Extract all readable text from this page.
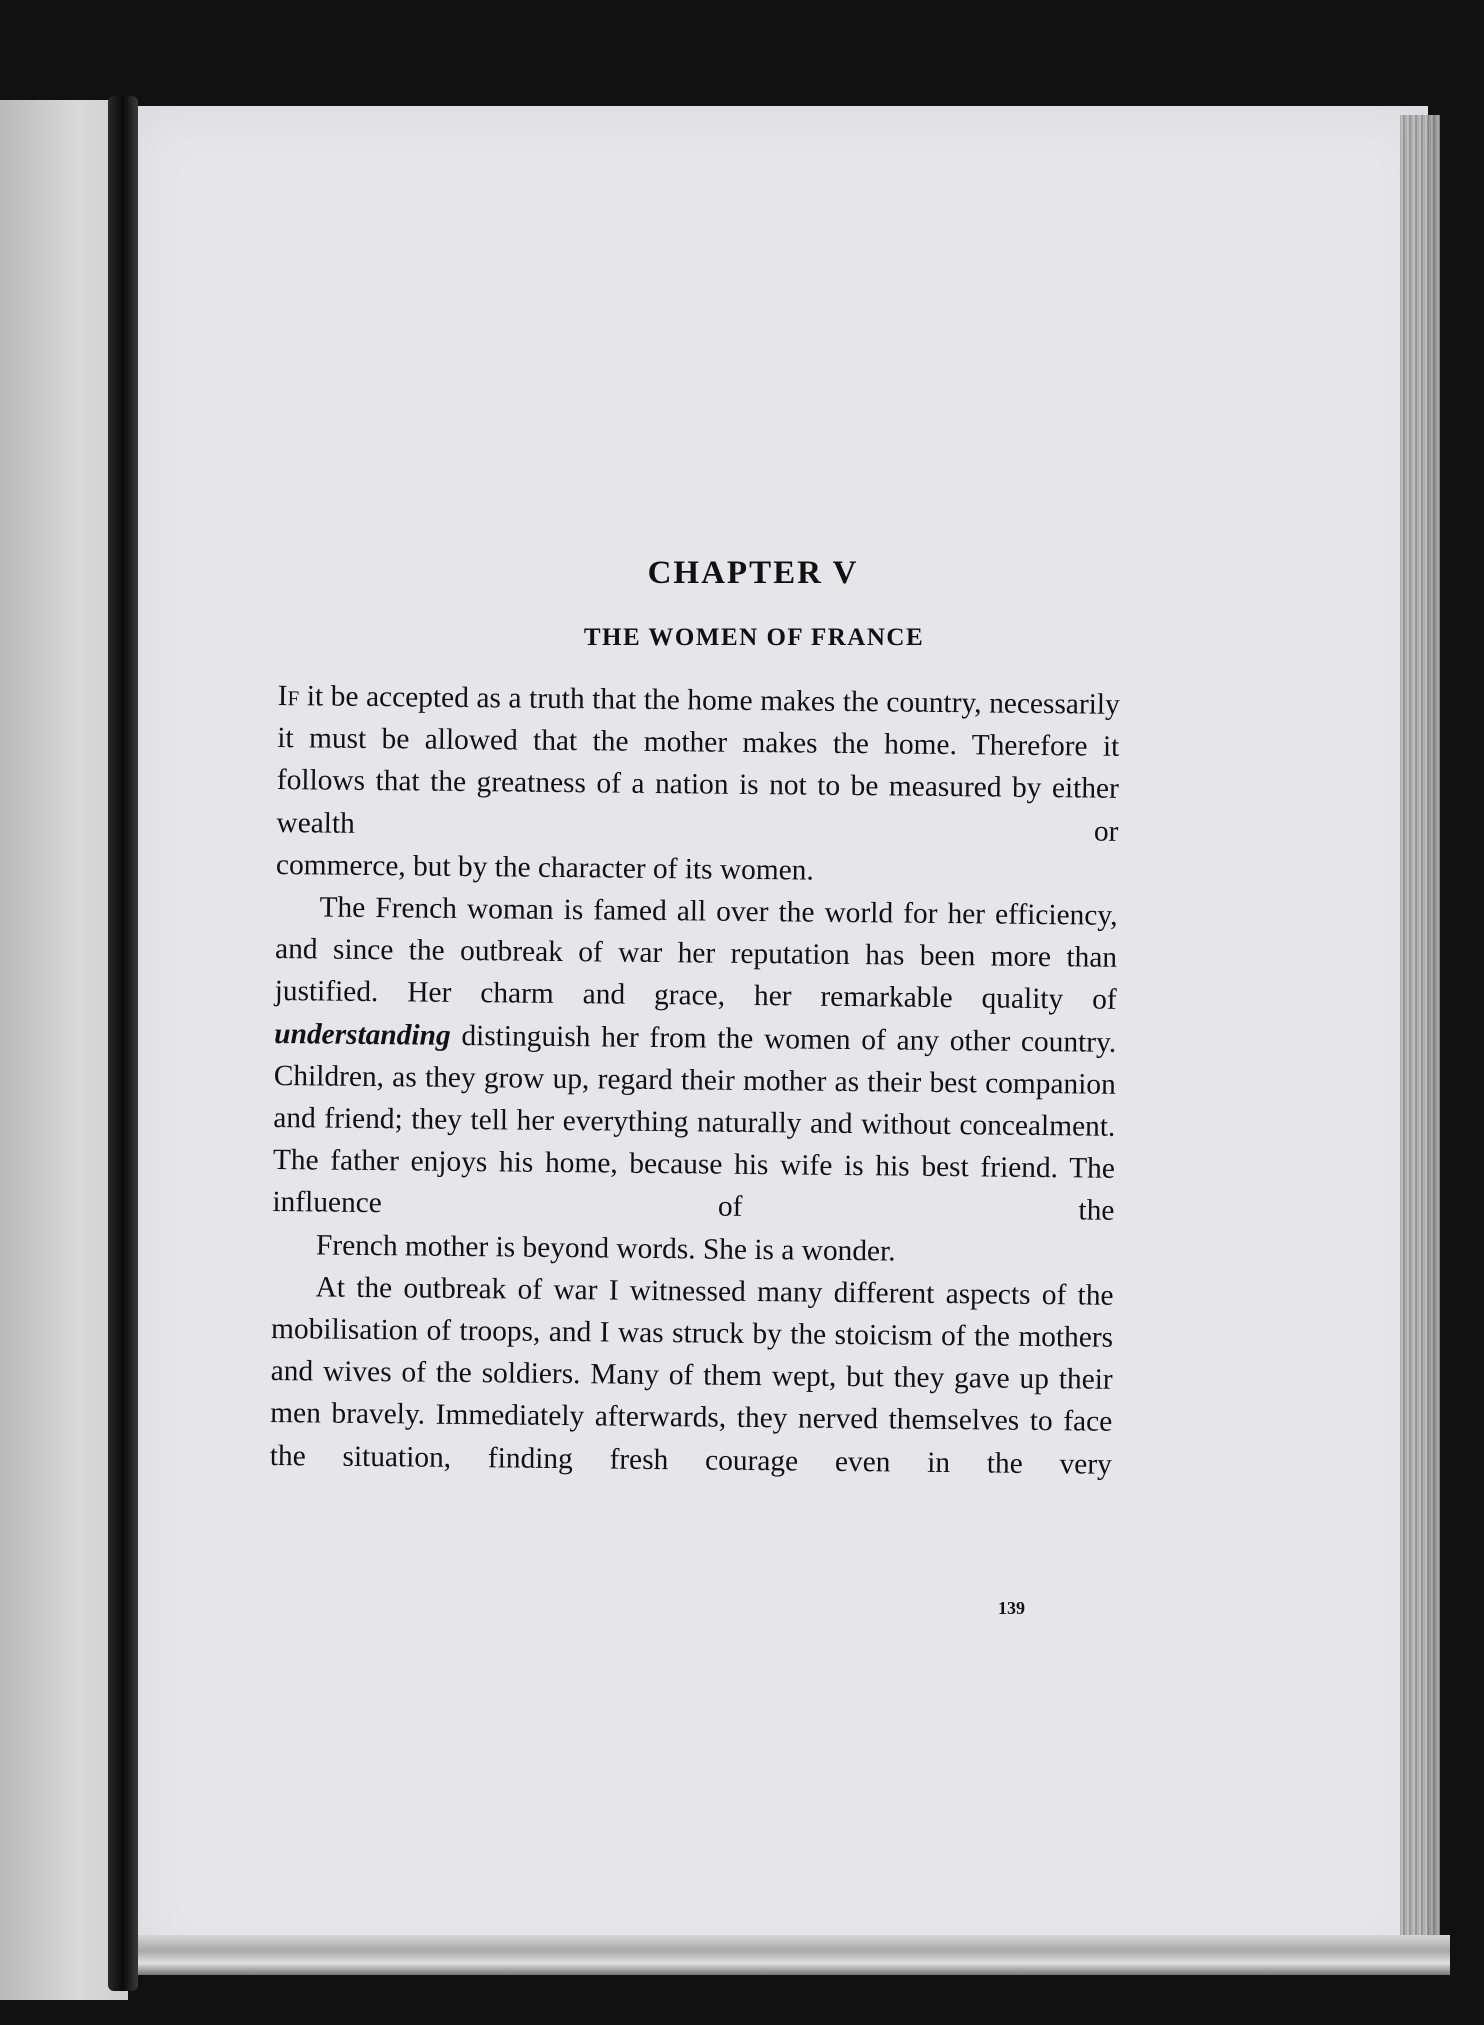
CHAPTER V
THE WOMEN OF FRANCE

If it be accepted as a truth that the home makes the country, necessarily it must be allowed that the mother makes the home. Therefore it follows that the greatness of a nation is not to be measured by either wealth or
commerce, but by the character of its women.

The French woman is famed all over the world for her efficiency, and since the outbreak of war her reputation has been more than justified. Her charm and grace, her remarkable quality of understanding distinguish her from the women of any other country. Children, as they grow up, regard their mother as their best companion and friend; they tell her everything naturally and without concealment. The father enjoys his home, because his wife is his best friend. The influence of the
French mother is beyond words. She is a wonder.

At the outbreak of war I witnessed many different aspects of the mobilisation of troops, and I was struck by the stoicism of the mothers and wives of the soldiers. Many of them wept, but they gave up their men bravely. Immediately afterwards, they nerved themselves to face the situation, finding fresh courage even in the very

139
